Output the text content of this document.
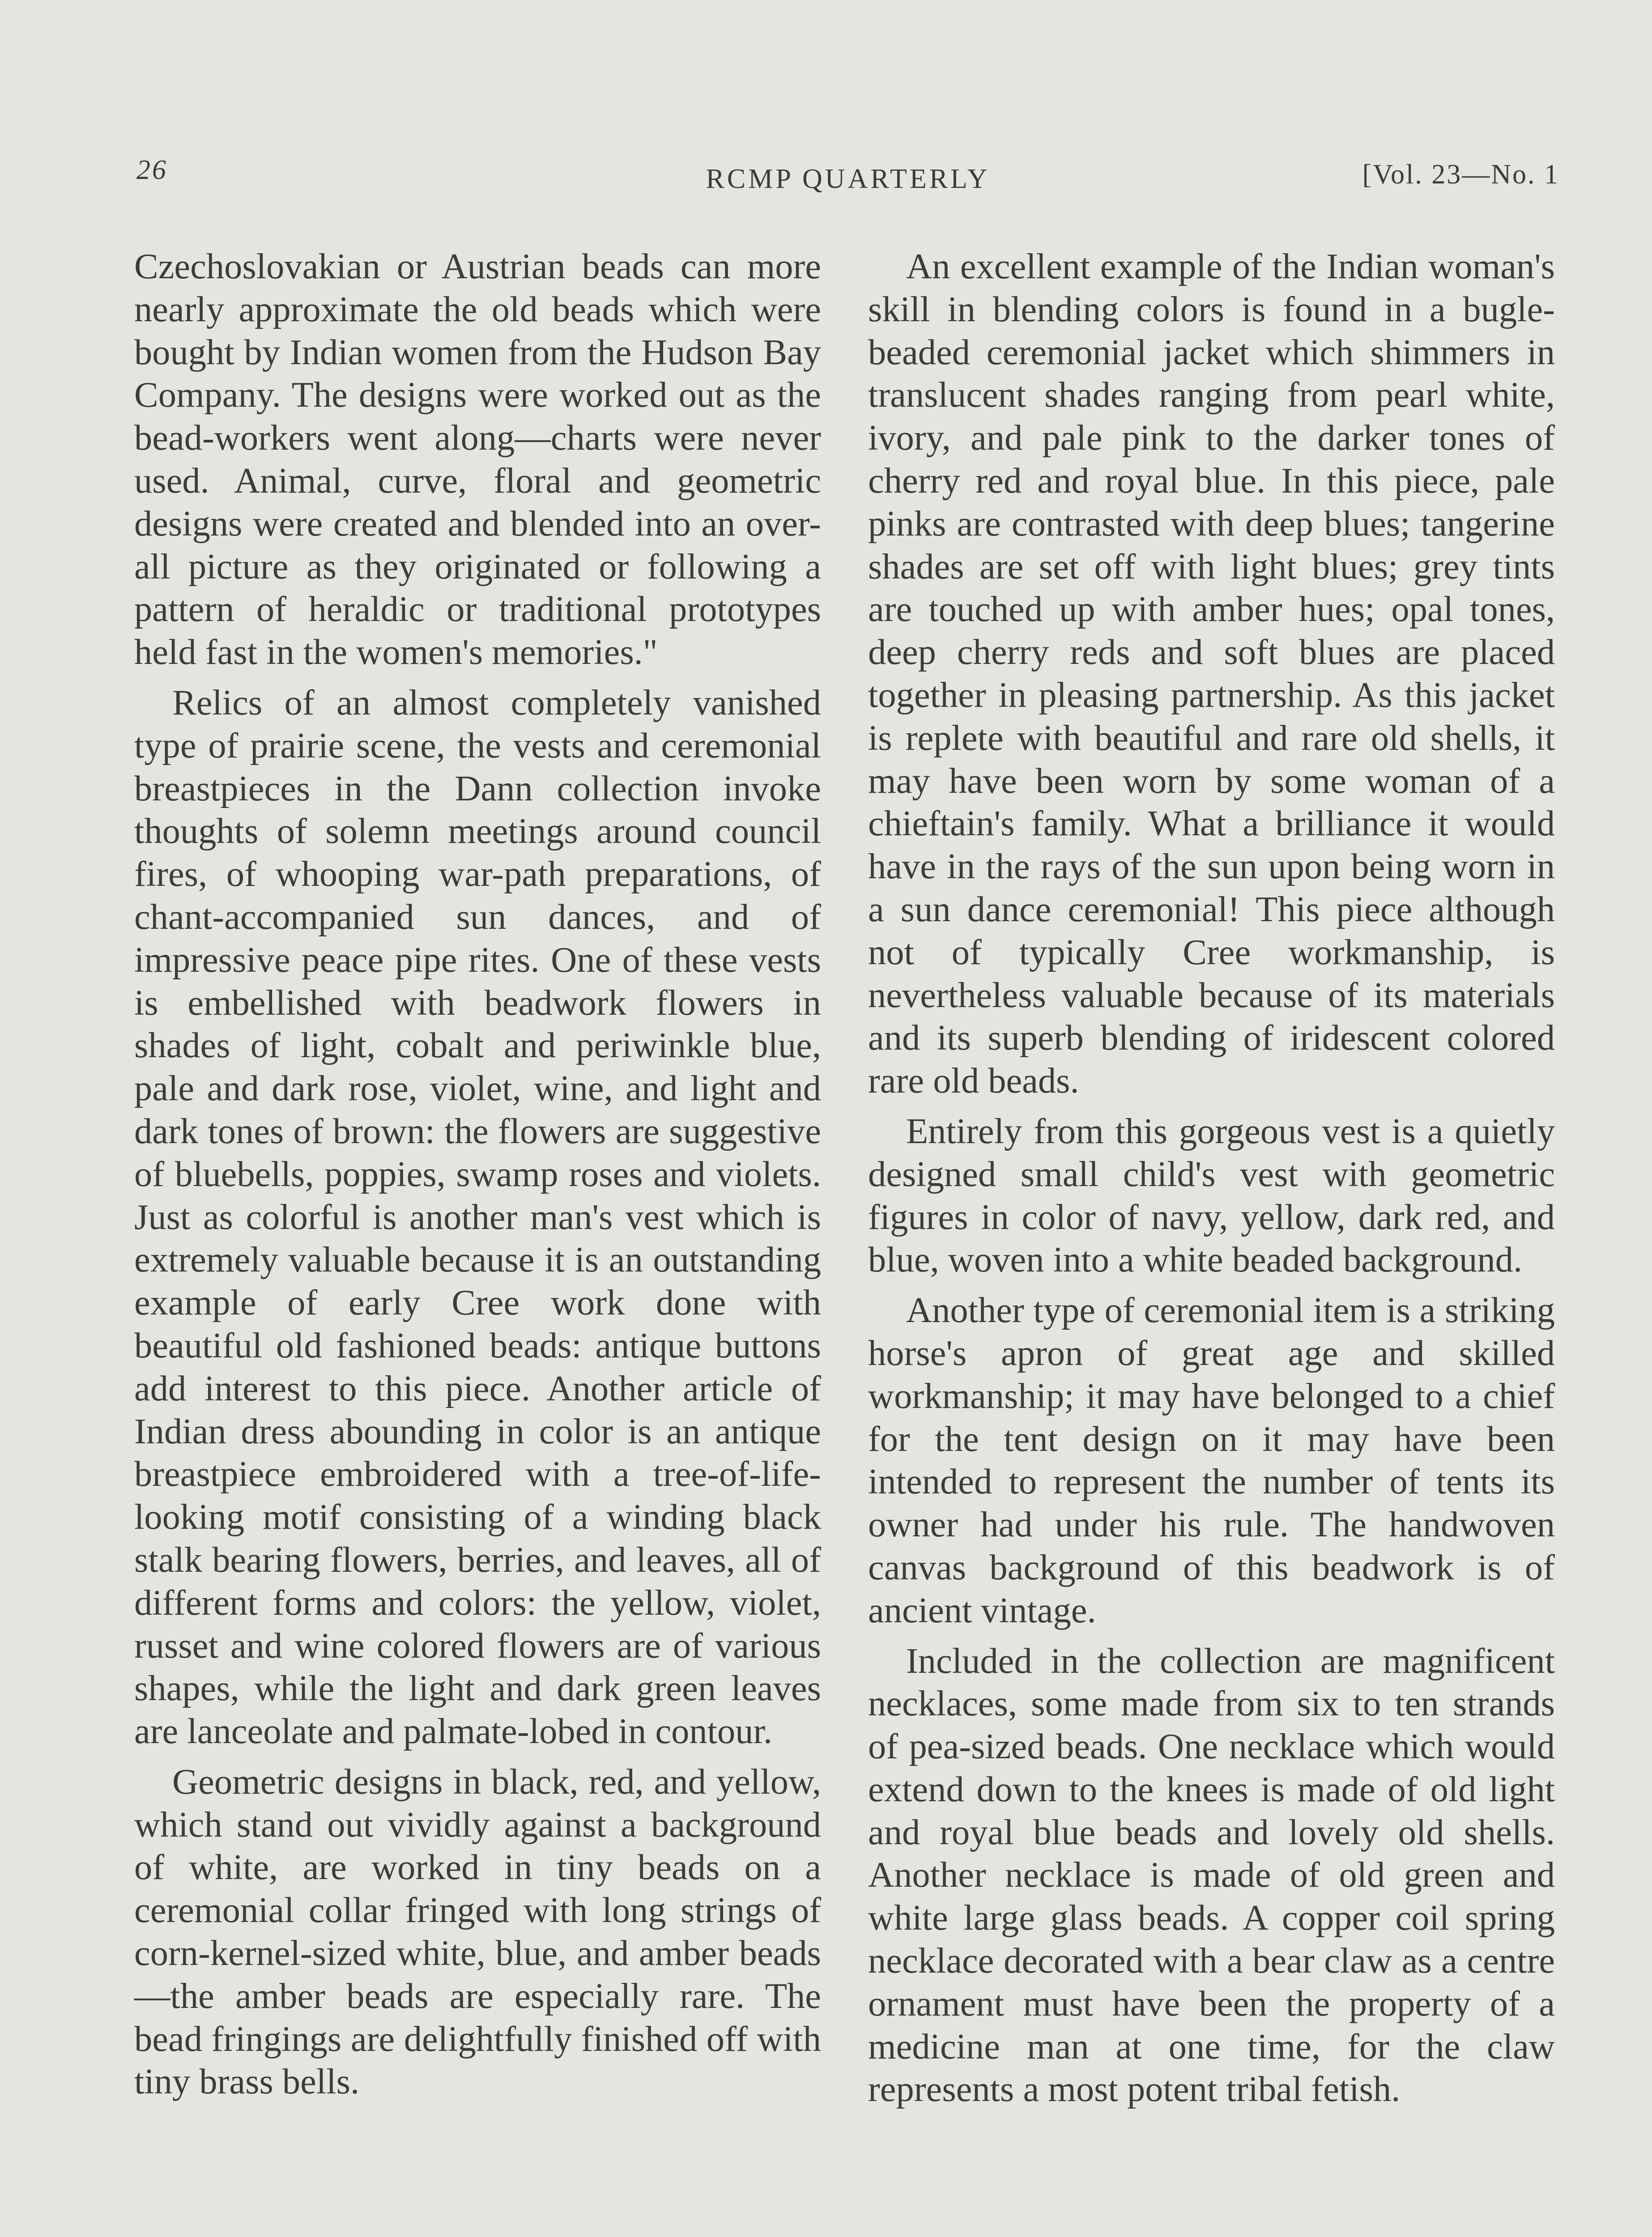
26	RCMP QUARTERLY	[Vol. 23—No. 1

Czechoslovakian or Austrian beads can more nearly approximate the old beads which were bought by Indian women from the Hudson Bay Company. The designs were worked out as the bead-workers went along—charts were never used. Animal, curve, floral and geometric designs were created and blended into an over-all picture as they originated or following a pattern of heraldic or traditional prototypes held fast in the women's memories."

Relics of an almost completely vanished type of prairie scene, the vests and ceremonial breastpieces in the Dann collection invoke thoughts of solemn meetings around council fires, of whooping war-path preparations, of chant-accompanied sun dances, and of impressive peace pipe rites. One of these vests is embellished with beadwork flowers in shades of light, cobalt and periwinkle blue, pale and dark rose, violet, wine, and light and dark tones of brown: the flowers are suggestive of bluebells, poppies, swamp roses and violets. Just as colorful is another man's vest which is extremely valuable because it is an outstanding example of early Cree work done with beautiful old fashioned beads: antique buttons add interest to this piece. Another article of Indian dress abounding in color is an antique breastpiece embroidered with a tree-of-life-looking motif consisting of a winding black stalk bearing flowers, berries, and leaves, all of different forms and colors: the yellow, violet, russet and wine colored flowers are of various shapes, while the light and dark green leaves are lanceolate and palmate-lobed in contour.

Geometric designs in black, red, and yellow, which stand out vividly against a background of white, are worked in tiny beads on a ceremonial collar fringed with long strings of corn-kernel-sized white, blue, and amber beads—the amber beads are especially rare. The bead fringings are delightfully finished off with tiny brass bells.

An excellent example of the Indian woman's skill in blending colors is found in a bugle-beaded ceremonial jacket which shimmers in translucent shades ranging from pearl white, ivory, and pale pink to the darker tones of cherry red and royal blue. In this piece, pale pinks are contrasted with deep blues; tangerine shades are set off with light blues; grey tints are touched up with amber hues; opal tones, deep cherry reds and soft blues are placed together in pleasing partnership. As this jacket is replete with beautiful and rare old shells, it may have been worn by some woman of a chieftain's family. What a brilliance it would have in the rays of the sun upon being worn in a sun dance ceremonial! This piece although not of typically Cree workmanship, is nevertheless valuable because of its materials and its superb blending of iridescent colored rare old beads.

Entirely from this gorgeous vest is a quietly designed small child's vest with geometric figures in color of navy, yellow, dark red, and blue, woven into a white beaded background.

Another type of ceremonial item is a striking horse's apron of great age and skilled workmanship; it may have belonged to a chief for the tent design on it may have been intended to represent the number of tents its owner had under his rule. The handwoven canvas background of this beadwork is of ancient vintage.

Included in the collection are magnificent necklaces, some made from six to ten strands of pea-sized beads. One necklace which would extend down to the knees is made of old light and royal blue beads and lovely old shells. Another necklace is made of old green and white large glass beads. A copper coil spring necklace decorated with a bear claw as a centre ornament must have been the property of a medicine man at one time, for the claw represents a most potent tribal fetish.
